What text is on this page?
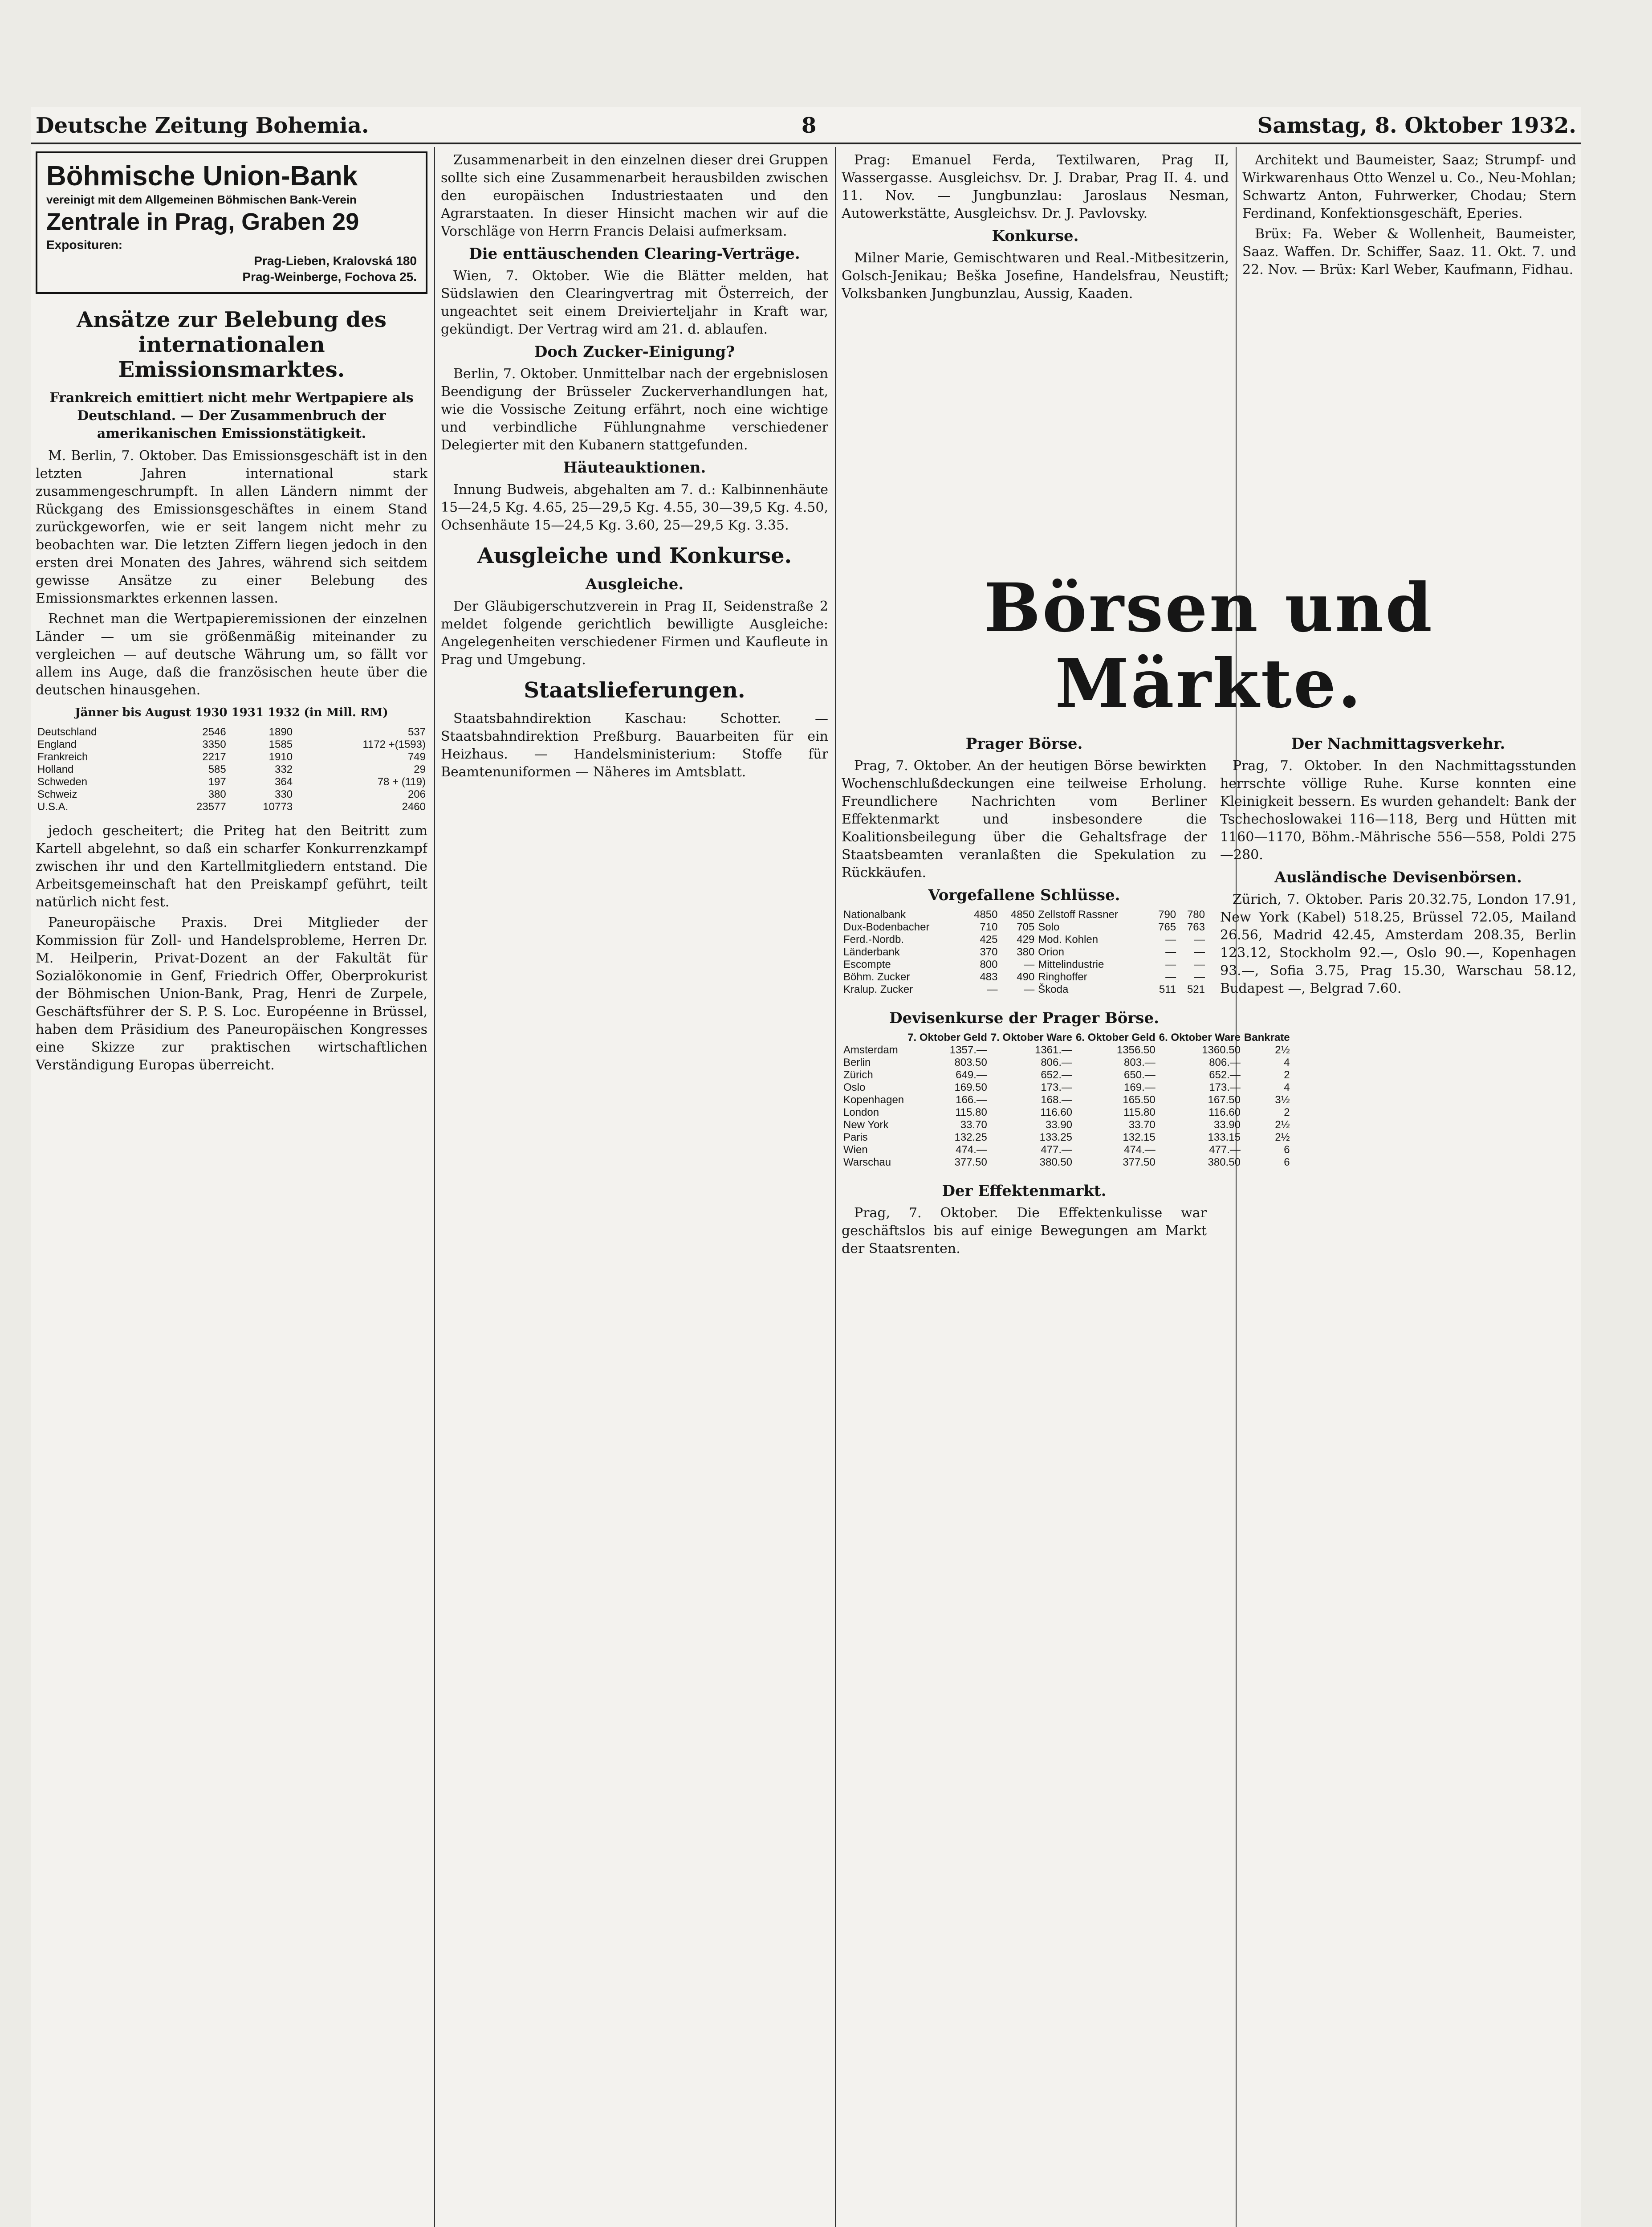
Deutsche Zeitung Bohemia.	8	Samstag, 8. Oktober 1932.
Böhmische Union-Bank
vereinigt mit dem Allgemeinen Böhmischen Bank-Verein
Zentrale in Prag, Graben 29
Exposituren:
Prag-Lieben, Kralovská 180
Prag-Weinberge, Fochova 25.
Ansätze zur Belebung des internationalen Emissionsmarktes.
Frankreich emittiert nicht mehr Wertpapiere als Deutschland. — Der Zusammenbruch der amerikanischen Emissionstätigkeit.

M. Berlin, 7. Oktober. Das Emissionsgeschäft ist in den letzten Jahren international stark zusammengeschrumpft. In allen Ländern nimmt der Rückgang des Emissionsgeschäftes in einem Stand zurückgeworfen, wie er seit langem nicht mehr zu beobachten war. Die letzten Ziffern liegen jedoch in den ersten drei Monaten des Jahres, während sich seitdem gewisse Ansätze zu einer Belebung des Emissionsmarktes erkennen lassen.

Rechnet man die Wertpapieremissionen der einzelnen Länder — um sie größenmäßig miteinander zu vergleichen — auf deutsche Währung um, so fällt vor allem ins Auge, daß die französischen heute über die deutschen hinausgehen.

Jänner bis August 1930 1931 1932 (in Mill. RM)
Deutschland	2546	1890	537
England	3350	1585	1172 +(1593)
Frankreich	2217	1910	749
Holland	585	332	29
Schweden	197	364	78 + (119)
Schweiz	380	330	206
U.S.A.	23577	10773	2460

jedoch gescheitert; die Priteg hat den Beitritt zum Kartell abgelehnt, so daß ein scharfer Konkurrenzkampf zwischen ihr und den Kartellmitgliedern entstand. Die Arbeitsgemeinschaft hat den Preiskampf geführt, teilt natürlich nicht fest.

Paneuropäische Praxis. Drei Mitglieder der Kommission für Zoll- und Handelsprobleme, Herren Dr. M. Heilperin, Privat-Dozent an der Fakultät für Sozialökonomie in Genf, Friedrich Offer, Oberprokurist der Böhmischen Union-Bank, Prag, Henri de Zurpele, Geschäftsführer der S. P. S. Loc. Européenne in Brüssel, haben dem Präsidium des Paneuropäischen Kongresses eine Skizze zur praktischen wirtschaftlichen Verständigung Europas überreicht.

Zusammenarbeit in den einzelnen dieser drei Gruppen sollte sich eine Zusammenarbeit herausbilden zwischen den europäischen Industriestaaten und den Agrarstaaten. In dieser Hinsicht machen wir auf die Vorschläge von Herrn Francis Delaisi aufmerksam.

Die enttäuschenden Clearing-Verträge.

Wien, 7. Oktober. Wie die Blätter melden, hat Südslawien den Clearingvertrag mit Österreich, der ungeachtet seit einem Dreivierteljahr in Kraft war, gekündigt. Der Vertrag wird am 21. d. ablaufen.

Doch Zucker-Einigung?

Berlin, 7. Oktober. Unmittelbar nach der ergebnislosen Beendigung der Brüsseler Zuckerverhandlungen hat, wie die Vossische Zeitung erfährt, noch eine wichtige und verbindliche Fühlungnahme verschiedener Delegierter mit den Kubanern stattgefunden.

Häuteauktionen.

Innung Budweis, abgehalten am 7. d.: Kalbinnenhäute 15—24,5 Kg. 4.65, 25—29,5 Kg. 4.55, 30—39,5 Kg. 4.50, Ochsenhäute 15—24,5 Kg. 3.60, 25—29,5 Kg. 3.35.

Ausgleiche und Konkurse.
Ausgleiche.

Der Gläubigerschutzverein in Prag II, Seidenstraße 2 meldet folgende gerichtlich bewilligte Ausgleiche: Angelegenheiten verschiedener Firmen und Kaufleute in Prag und Umgebung.

Staatslieferungen.

Staatsbahndirektion Kaschau: Schotter. — Staatsbahndirektion Preßburg. Bauarbeiten für ein Heizhaus. — Handelsministerium: Stoffe für Beamtenuniformen — Näheres im Amtsblatt.

Prag: Emanuel Ferda, Textilwaren, Prag II, Wassergasse. Ausgleichsv. Dr. J. Drabar, Prag II. 4. und 11. Nov. — Jungbunzlau: Jaroslaus Nesman, Autowerkstätte, Ausgleichsv. Dr. J. Pavlovsky.

Konkurse.

Milner Marie, Gemischtwaren und Real.-Mitbesitzerin, Golsch-Jenikau; Beška Josefine, Handelsfrau, Neustift; Volksbanken Jungbunzlau, Aussig, Kaaden.

Architekt und Baumeister, Saaz; Strumpf- und Wirkwarenhaus Otto Wenzel u. Co., Neu-Mohlan; Schwartz Anton, Fuhrwerker, Chodau; Stern Ferdinand, Konfektionsgeschäft, Eperies.

Brüx: Fa. Weber & Wollenheit, Baumeister, Saaz. Waffen. Dr. Schiffer, Saaz. 11. Okt. 7. und 22. Nov. — Brüx: Karl Weber, Kaufmann, Fidhau.

Börsen und Märkte.
Prager Börse.

Prag, 7. Oktober. An der heutigen Börse bewirkten Wochenschlußdeckungen eine teilweise Erholung. Freundlichere Nachrichten vom Berliner Effektenmarkt und insbesondere die Koalitionsbeilegung über die Gehaltsfrage der Staatsbeamten veranlaßten die Spekulation zu Rückkäufen.

Vorgefallene Schlüsse.
Nationalbank	4850	4850	Zellstoff Rassner	790	780
Dux-Bodenbacher	710	705	Solo	765	763
Ferd.-Nordb.	425	429	Mod. Kohlen	—	—
Länderbank	370	380	Orion	—	—
Escompte	800	—	Mittelindustrie	—	—
Böhm. Zucker	483	490	Ringhoffer	—	—
Kralup. Zucker	—	—	Škoda	511	521
Devisenkurse der Prager Börse.
	7. Oktober Geld	7. Oktober Ware	6. Oktober Geld	6. Oktober Ware	Bankrate
Amsterdam	1357.—	1361.—	1356.50	1360.50	2½
Berlin	803.50	806.—	803.—	806.—	4
Zürich	649.—	652.—	650.—	652.—	2
Oslo	169.50	173.—	169.—	173.—	4
Kopenhagen	166.—	168.—	165.50	167.50	3½
London	115.80	116.60	115.80	116.60	2
New York	33.70	33.90	33.70	33.90	2½
Paris	132.25	133.25	132.15	133.15	2½
Wien	474.—	477.—	474.—	477.—	6
Warschau	377.50	380.50	377.50	380.50	6
Der Effektenmarkt.

Prag, 7. Oktober. Die Effektenkulisse war geschäftslos bis auf einige Bewegungen am Markt der Staatsrenten.

Der Nachmittagsverkehr.

Prag, 7. Oktober. In den Nachmittagsstunden herrschte völlige Ruhe. Kurse konnten eine Kleinigkeit bessern. Es wurden gehandelt: Bank der Tschechoslowakei 116—118, Berg und Hütten mit 1160—1170, Böhm.-Mährische 556—558, Poldi 275—280.

Ausländische Devisenbörsen.

Zürich, 7. Oktober. Paris 20.32.75, London 17.91, New York (Kabel) 518.25, Brüssel 72.05, Mailand 26.56, Madrid 42.45, Amsterdam 208.35, Berlin 123.12, Stockholm 92.—, Oslo 90.—, Kopenhagen 93.—, Sofia 3.75, Prag 15.30, Warschau 58.12, Budapest —, Belgrad 7.60.
